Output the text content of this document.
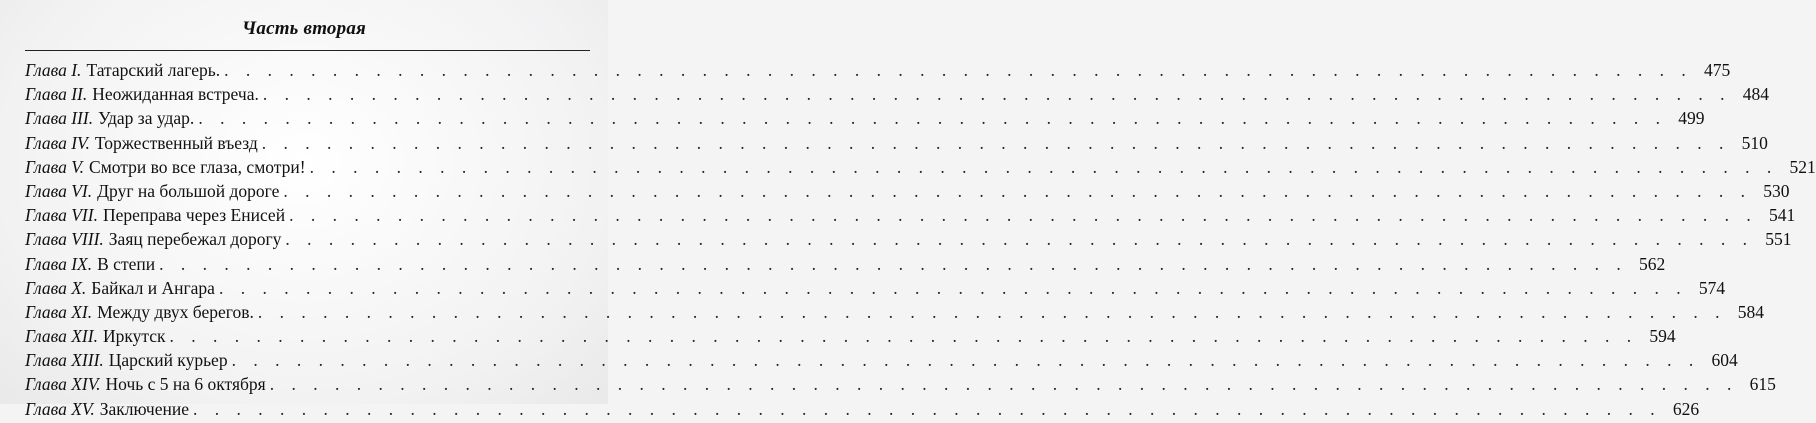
Часть вторая
Глава I. Татарский лагерь. . . . . . . . . . . . . . . . . . . . . . . . . . . . . . . . . . . . . . . . . . . . . . . . . . . . . . . . . . . . . . . . . . . . . 475
Глава II. Неожиданная встреча. . . . . . . . . . . . . . . . . . . . . . . . . . . . . . . . . . . . . . . . . . . . . . . . . . . . . . . . . . . . . . . . . . . . . 484
Глава III. Удар за удар. . . . . . . . . . . . . . . . . . . . . . . . . . . . . . . . . . . . . . . . . . . . . . . . . . . . . . . . . . . . . . . . . . . . . 499
Глава IV. Торжественный въезд . . . . . . . . . . . . . . . . . . . . . . . . . . . . . . . . . . . . . . . . . . . . . . . . . . . . . . . . . . . . . . . . . . . . 510
Глава V. Смотри во все глаза, смотри! . . . . . . . . . . . . . . . . . . . . . . . . . . . . . . . . . . . . . . . . . . . . . . . . . . . . . . . . . . . . . . . . . . . . 521
Глава VI. Друг на большой дороге . . . . . . . . . . . . . . . . . . . . . . . . . . . . . . . . . . . . . . . . . . . . . . . . . . . . . . . . . . . . . . . . . . . . 530
Глава VII. Переправа через Енисей . . . . . . . . . . . . . . . . . . . . . . . . . . . . . . . . . . . . . . . . . . . . . . . . . . . . . . . . . . . . . . . . . . . . 541
Глава VIII. Заяц перебежал дорогу . . . . . . . . . . . . . . . . . . . . . . . . . . . . . . . . . . . . . . . . . . . . . . . . . . . . . . . . . . . . . . . . . . . . 551
Глава IX. В степи . . . . . . . . . . . . . . . . . . . . . . . . . . . . . . . . . . . . . . . . . . . . . . . . . . . . . . . . . . . . . . . . . . . . 562
Глава X. Байкал и Ангара . . . . . . . . . . . . . . . . . . . . . . . . . . . . . . . . . . . . . . . . . . . . . . . . . . . . . . . . . . . . . . . . . . . . 574
Глава XI. Между двух берегов. . . . . . . . . . . . . . . . . . . . . . . . . . . . . . . . . . . . . . . . . . . . . . . . . . . . . . . . . . . . . . . . . . . . . 584
Глава XII. Иркутск . . . . . . . . . . . . . . . . . . . . . . . . . . . . . . . . . . . . . . . . . . . . . . . . . . . . . . . . . . . . . . . . . . . . 594
Глава XIII. Царский курьер . . . . . . . . . . . . . . . . . . . . . . . . . . . . . . . . . . . . . . . . . . . . . . . . . . . . . . . . . . . . . . . . . . . . 604
Глава XIV. Ночь с 5 на 6 октября . . . . . . . . . . . . . . . . . . . . . . . . . . . . . . . . . . . . . . . . . . . . . . . . . . . . . . . . . . . . . . . . . . . . 615
Глава XV. Заключение . . . . . . . . . . . . . . . . . . . . . . . . . . . . . . . . . . . . . . . . . . . . . . . . . . . . . . . . . . . . . . . . . . . . 626
